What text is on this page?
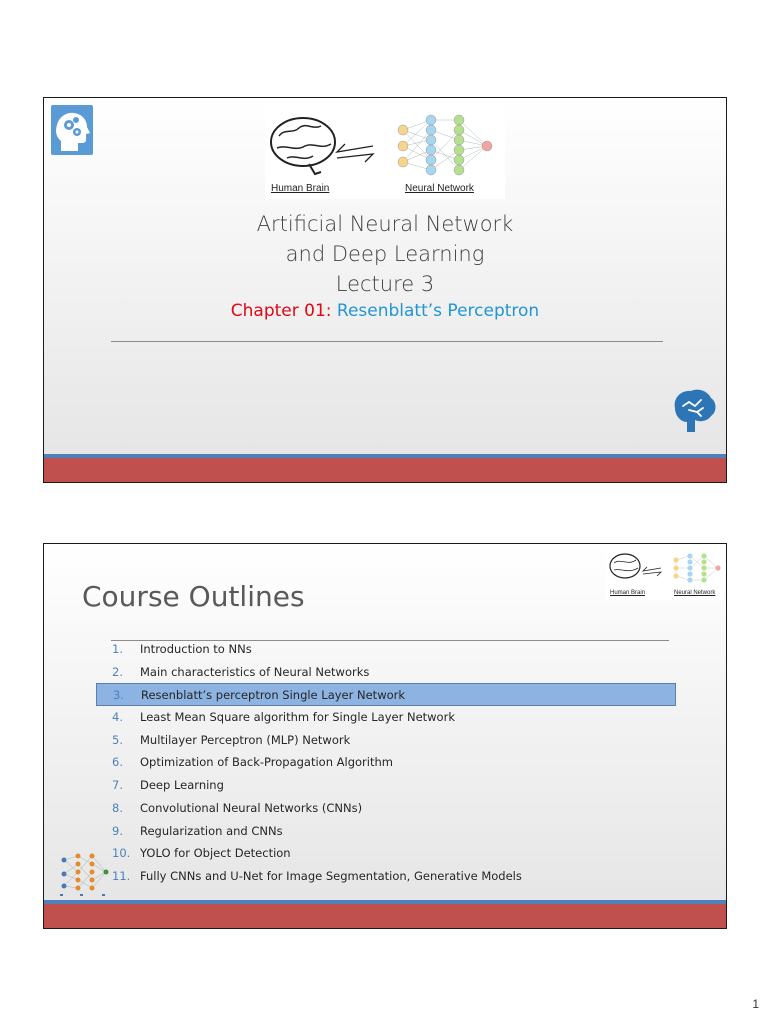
Human Brain	Neural Network
Artificial Neural Network
and Deep Learning
Lecture 3
Chapter 01: Resenblatt’s Perceptron
Course Outlines	Human Brain	Neural Network
1. Introduction to NNs
2. Main characteristics of Neural Networks
3. Resenblatt’s perceptron Single Layer Network
4. Least Mean Square algorithm for Single Layer Network
5. Multilayer Perceptron (MLP) Network
6. Optimization of Back-Propagation Algorithm
7. Deep Learning
8. Convolutional Neural Networks (CNNs)
9. Regularization and CNNs
10. YOLO for Object Detection
11. Fully CNNs and U-Net for Image Segmentation, Generative Models
1
